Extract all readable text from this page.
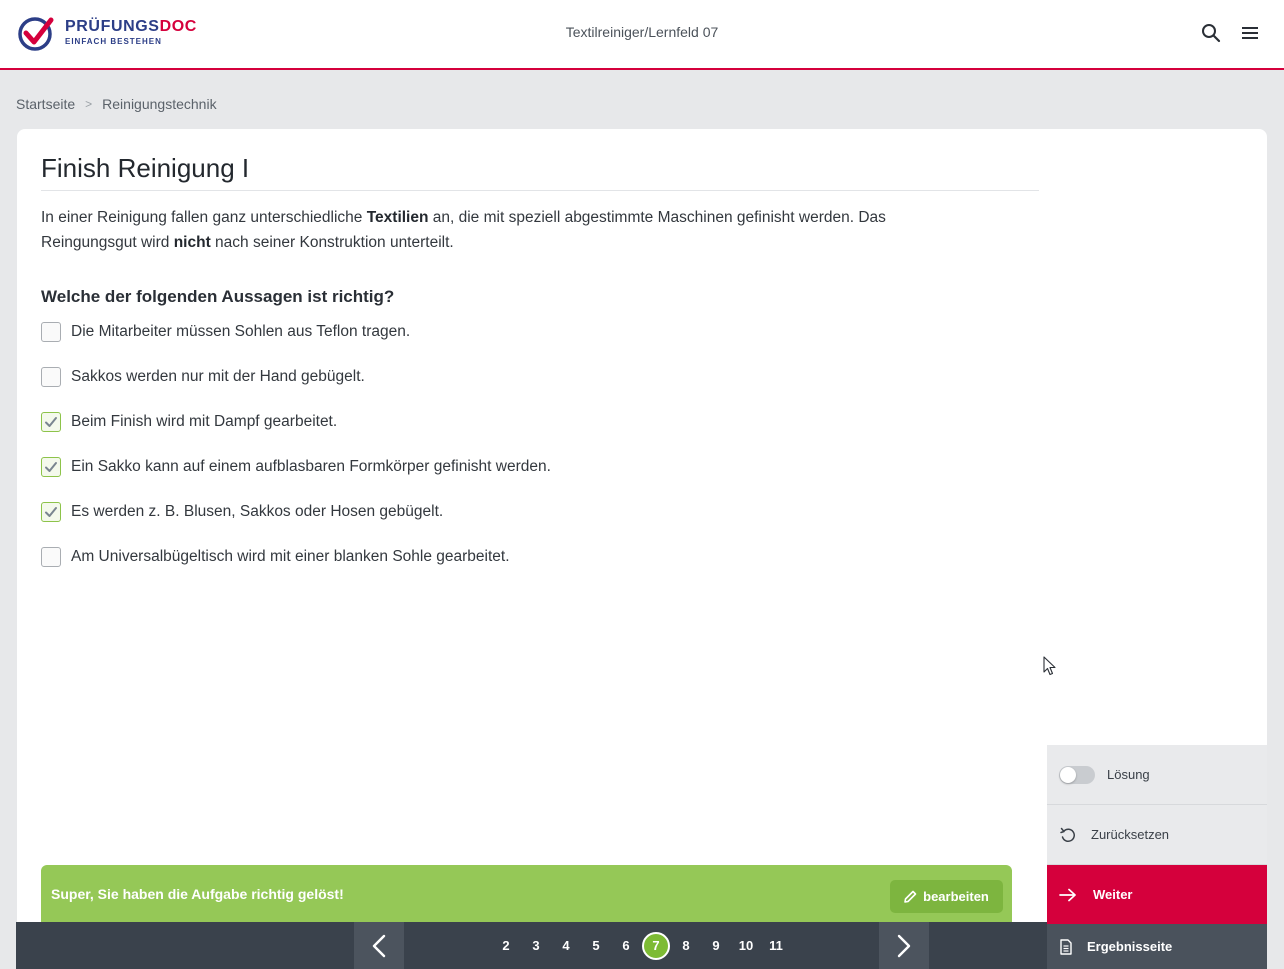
PRÜFUNGSDOC
EINFACH BESTEHEN
Textilreiniger/Lernfeld 07
Startseite > Reinigungstechnik
Finish Reinigung I

In einer Reinigung fallen ganz unterschiedliche Textilien an, die mit speziell abgestimmte Maschinen gefinisht werden. Das Reingungsgut wird nicht nach seiner Konstruktion unterteilt.

Welche der folgenden Aussagen ist richtig?
Die Mitarbeiter müssen Sohlen aus Teflon tragen.
Sakkos werden nur mit der Hand gebügelt.
Beim Finish wird mit Dampf gearbeitet.
Ein Sakko kann auf einem aufblasbaren Formkörper gefinisht werden.
Es werden z. B. Blusen, Sakkos oder Hosen gebügelt.
Am Universalbügeltisch wird mit einer blanken Sohle gearbeitet.
Super, Sie haben die Aufgabe richtig gelöst!	bearbeiten
2	3	4	5	6	7	8	9	10	11
Lösung
Zurücksetzen
Weiter
Ergebnisseite
